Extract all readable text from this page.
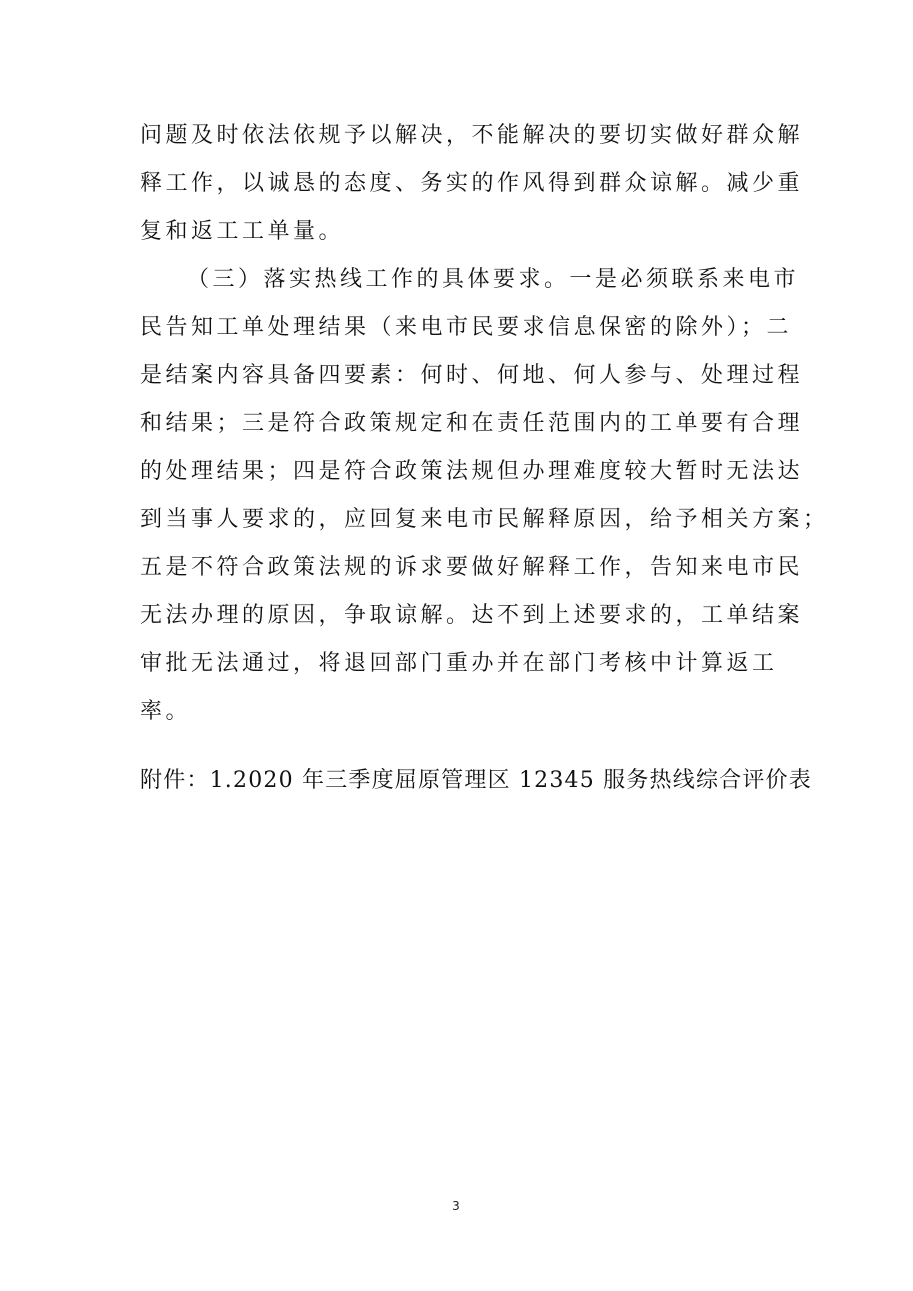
问题及时依法依规予以解决，不能解决的要切实做好群众解
释工作，以诚恳的态度、务实的作风得到群众谅解。减少重
复和返工工单量。
（三）落实热线工作的具体要求。一是必须联系来电市
民告知工单处理结果（来电市民要求信息保密的除外）；二
是结案内容具备四要素：何时、何地、何人参与、处理过程
和结果；三是符合政策规定和在责任范围内的工单要有合理
的处理结果；四是符合政策法规但办理难度较大暂时无法达
到当事人要求的，应回复来电市民解释原因，给予相关方案；
五是不符合政策法规的诉求要做好解释工作，告知来电市民
无法办理的原因，争取谅解。达不到上述要求的，工单结案
审批无法通过，将退回部门重办并在部门考核中计算返工
率。
附件：1.2020 年三季度屈原管理区 12345 服务热线综合评价表
3
